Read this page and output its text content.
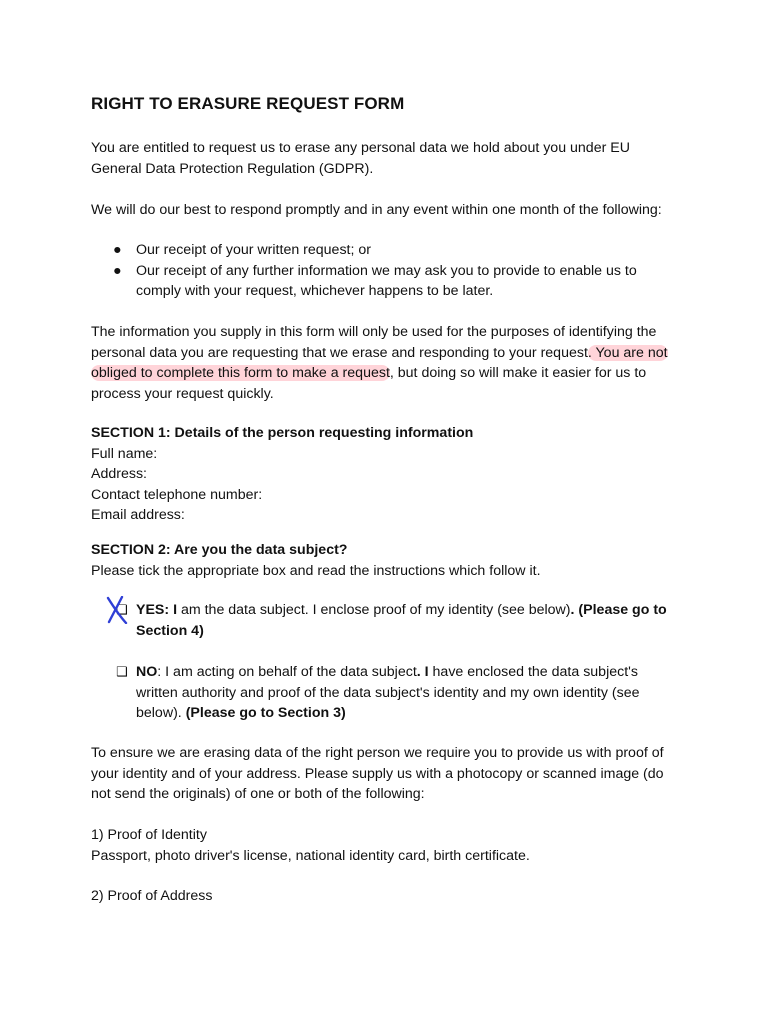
RIGHT TO ERASURE REQUEST FORM

You are entitled to request us to erase any personal data we hold about you under EU
General Data Protection Regulation (GDPR).

We will do our best to respond promptly and in any event within one month of the following:

● Our receipt of your written request; or
● Our receipt of any further information we may ask you to provide to enable us to
comply with your request, whichever happens to be later.

The information you supply in this form will only be used for the purposes of identifying the
personal data you are requesting that we erase and responding to your request. You are not
obliged to complete this form to make a request, but doing so will make it easier for us to
process your request quickly.

SECTION 1: Details of the person requesting information
Full name:
Address:
Contact telephone number:
Email address:
SECTION 2: Are you the data subject?
Please tick the appropriate box and read the instructions which follow it.
❑ YES: I am the data subject. I enclose proof of my identity (see below). (Please go to
Section 4)
❑ NO: I am acting on behalf of the data subject. I have enclosed the data subject's
written authority and proof of the data subject's identity and my own identity (see
below). (Please go to Section 3)

To ensure we are erasing data of the right person we require you to provide us with proof of
your identity and of your address. Please supply us with a photocopy or scanned image (do
not send the originals) of one or both of the following:

1) Proof of Identity
Passport, photo driver's license, national identity card, birth certificate.
2) Proof of Address
